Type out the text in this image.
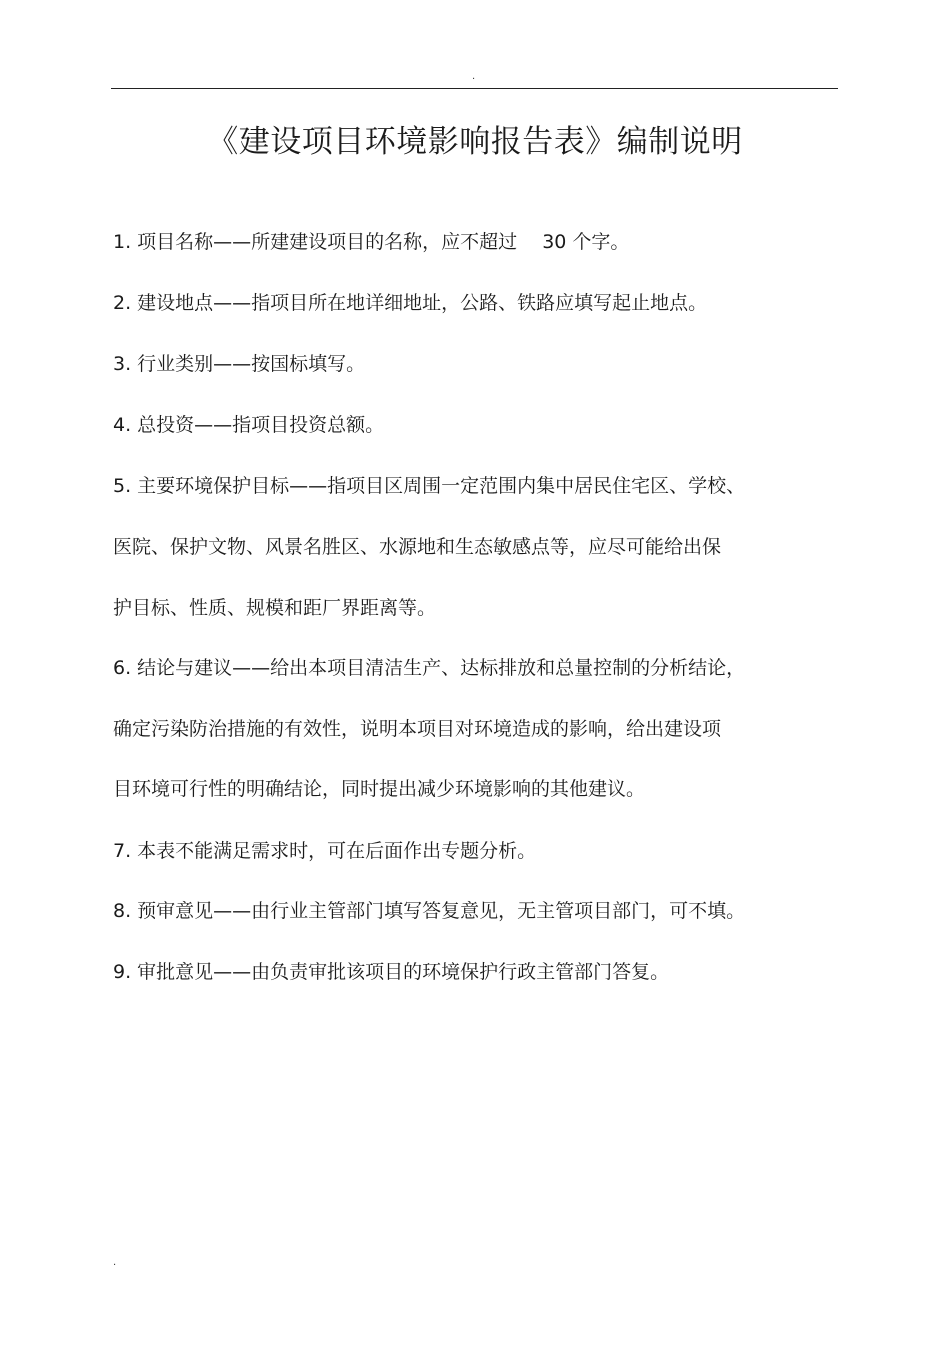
.
《建设项目环境影响报告表》编制说明
1. 项目名称——所建建设项目的名称，应不超过　 30 个字。
2. 建设地点——指项目所在地详细地址，公路、铁路应填写起止地点。
3. 行业类别——按国标填写。
4. 总投资——指项目投资总额。
5. 主要环境保护目标——指项目区周围一定范围内集中居民住宅区、学校、
医院、保护文物、风景名胜区、水源地和生态敏感点等，应尽可能给出保
护目标、性质、规模和距厂界距离等。
6. 结论与建议——给出本项目清洁生产、达标排放和总量控制的分析结论，
确定污染防治措施的有效性，说明本项目对环境造成的影响，给出建设项
目环境可行性的明确结论，同时提出减少环境影响的其他建议。
7. 本表不能满足需求时，可在后面作出专题分析。
8. 预审意见——由行业主管部门填写答复意见，无主管项目部门，可不填。
9. 审批意见——由负责审批该项目的环境保护行政主管部门答复。
.
